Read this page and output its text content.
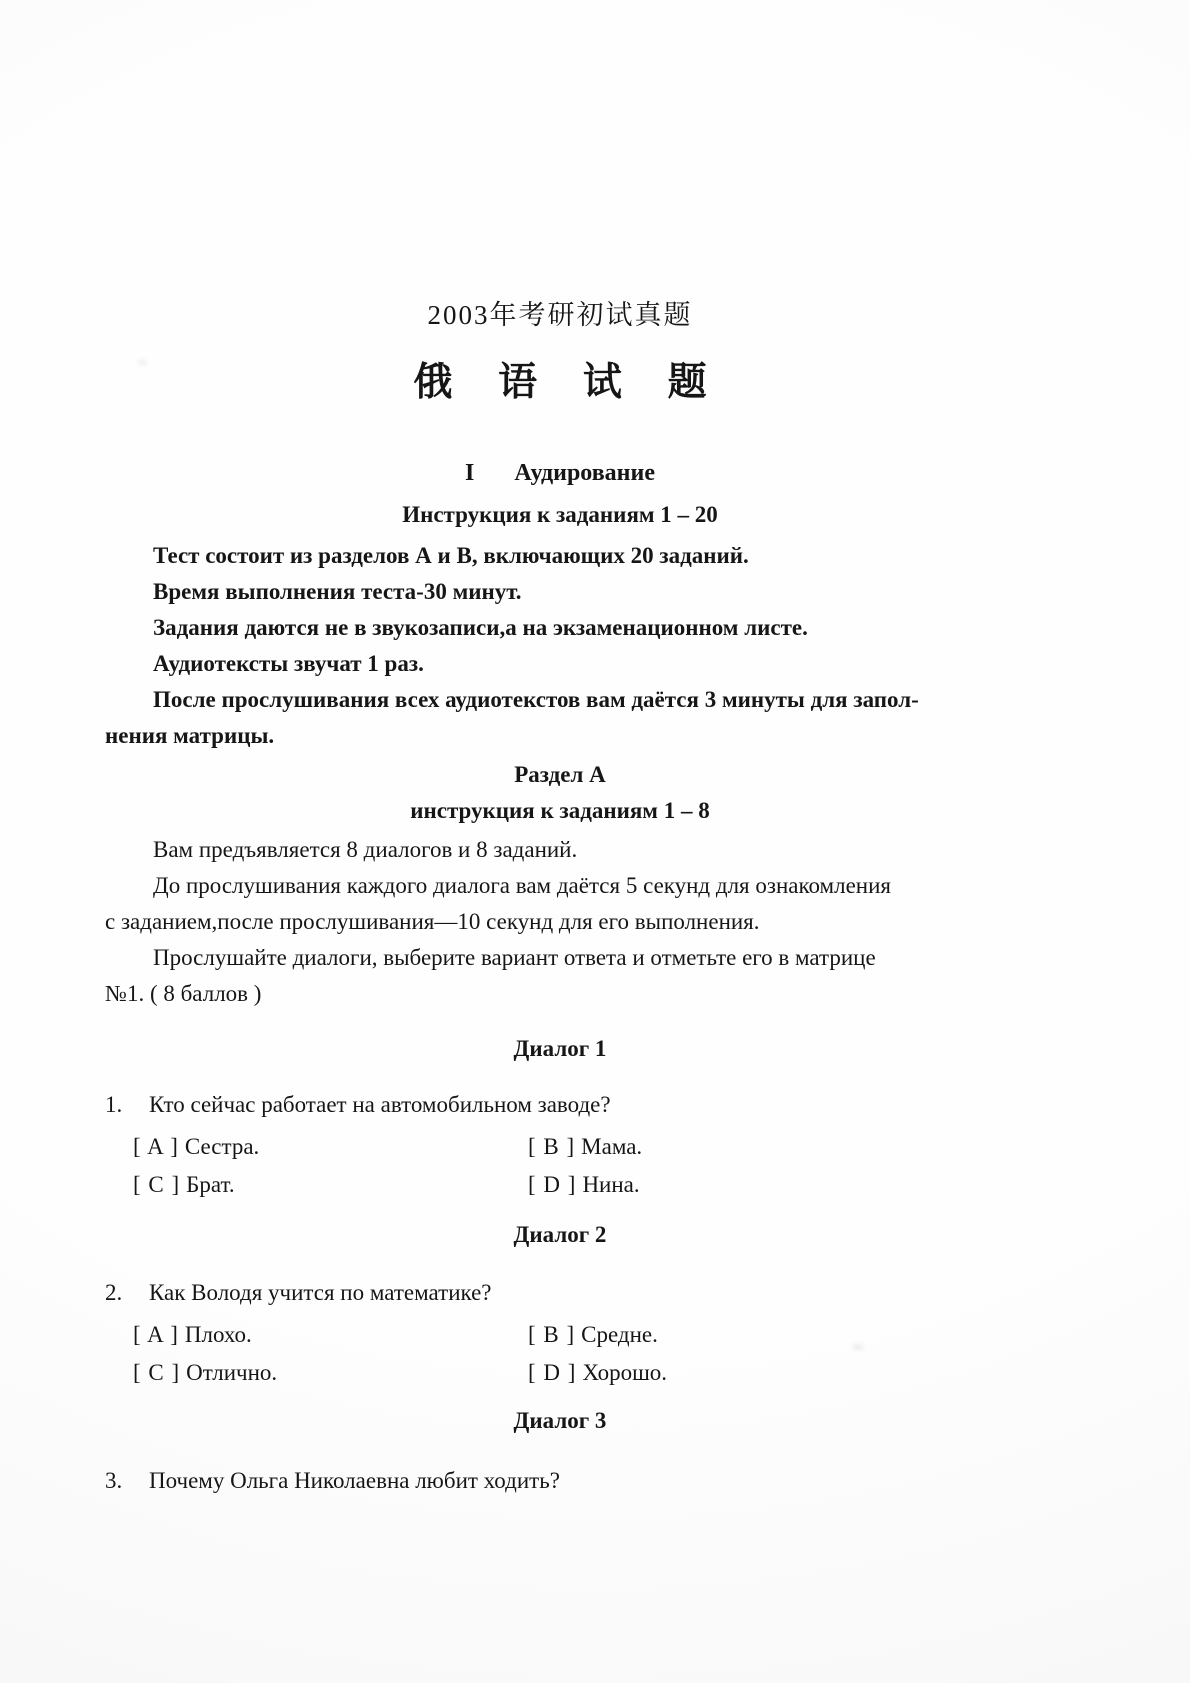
2003年考研初试真题
俄 语 试 题
I Аудирование
Инструкция к заданиям 1 – 20
Тест состоит из разделов А и В, включающих 20 заданий.
Время выполнения теста-30 минут.
Задания даются не в звукозаписи,а на экзаменационном листе.
Аудиотексты звучат 1 раз.
После прослушивания всех аудиотекстов вам даётся 3 минуты для запол-
нения матрицы.
Раздел А
инструкция к заданиям 1 – 8
Вам предъявляется 8 диалогов и 8 заданий.
До прослушивания каждого диалога вам даётся 5 секунд для ознакомления
с заданием,после прослушивания—10 секунд для его выполнения.
Прослушайте диалоги, выберите вариант ответа и отметьте его в матрице
№1. ( 8 баллов )
Диалог 1
1.	Кто сейчас работает на автомобильном заводе?
[ A ] Сестра.	[ B ] Мама.
[ C ] Брат.	[ D ] Нина.
Диалог 2
2.	Как Володя учится по математике?
[ A ] Плохо.	[ B ] Средне.
[ C ] Отлично.	[ D ] Хорошо.
Диалог 3
3.	Почему Ольга Николаевна любит ходить?
